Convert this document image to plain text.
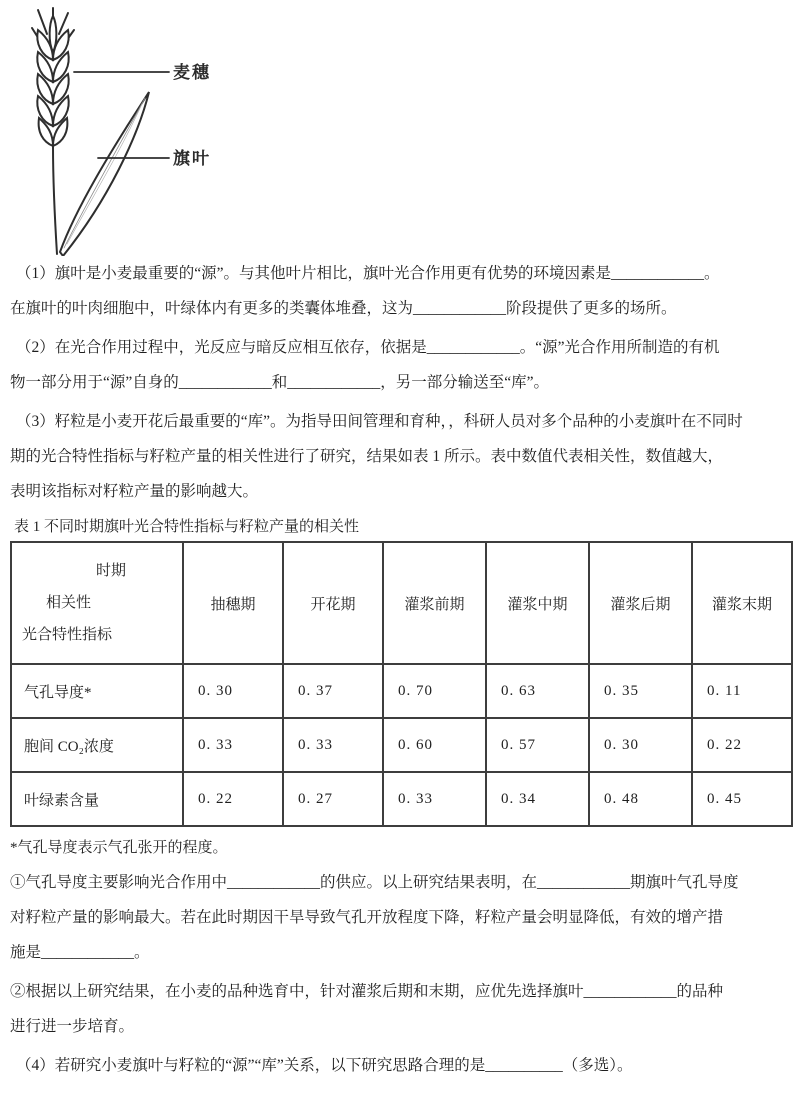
麦穗
旗叶
（1）旗叶是小麦最重要的“源”。与其他叶片相比，旗叶光合作用更有优势的环境因素是____________。
在旗叶的叶肉细胞中，叶绿体内有更多的类囊体堆叠，这为____________阶段提供了更多的场所。
（2）在光合作用过程中，光反应与暗反应相互依存，依据是____________。“源”光合作用所制造的有机
物一部分用于“源”自身的____________和____________，另一部分输送至“库”。
（3）籽粒是小麦开花后最重要的“库”。为指导田间管理和育种，，科研人员对多个品种的小麦旗叶在不同时
期的光合特性指标与籽粒产量的相关性进行了研究，结果如表 1 所示。表中数值代表相关性，数值越大，
表明该指标对籽粒产量的影响越大。
表 1 不同时期旗叶光合特性指标与籽粒产量的相关性
时期
相关性
光合特性指标	抽穗期	开花期	灌浆前期	灌浆中期	灌浆后期	灌浆末期
气孔导度*	0. 30	0. 37	0. 70	0. 63	0. 35	0. 11
胞间 CO₂浓度	0. 33	0. 33	0. 60	0. 57	0. 30	0. 22
叶绿素含量	0. 22	0. 27	0. 33	0. 34	0. 48	0. 45
*气孔导度表示气孔张开的程度。
①气孔导度主要影响光合作用中____________的供应。以上研究结果表明，在____________期旗叶气孔导度
对籽粒产量的影响最大。若在此时期因干旱导致气孔开放程度下降，籽粒产量会明显降低，有效的增产措
施是____________。
②根据以上研究结果，在小麦的品种选育中，针对灌浆后期和末期，应优先选择旗叶____________的品种
进行进一步培育。
（4）若研究小麦旗叶与籽粒的“源”“库”关系，以下研究思路合理的是__________（多选）。
